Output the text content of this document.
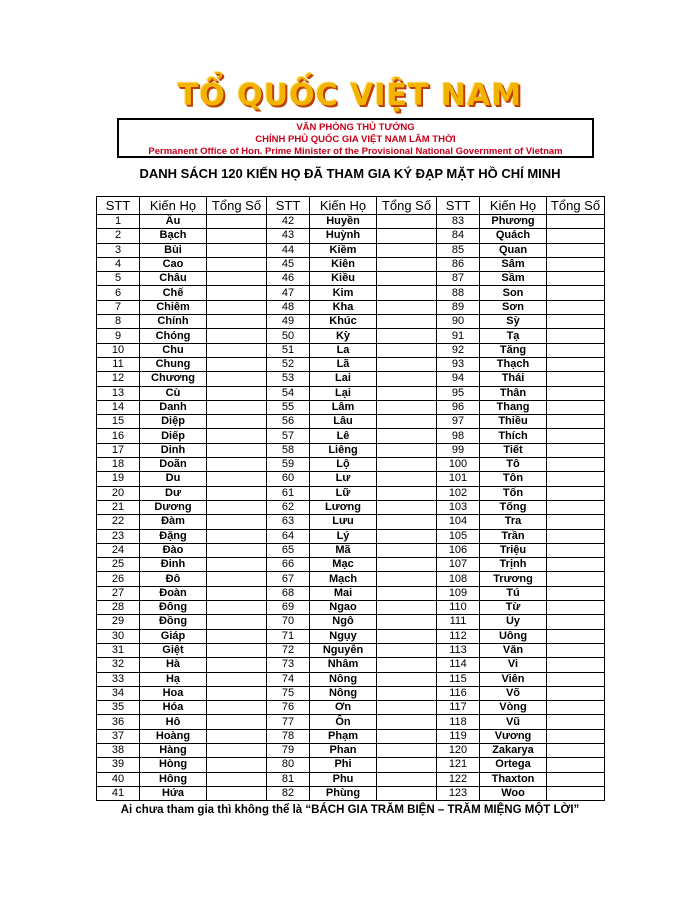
TỔ QUỐC VIỆT NAM
VĂN PHÒNG THỦ TƯỚNG
CHÍNH PHỦ QUỐC GIA VIỆT NAM LÂM THỜI
Permanent Office of Hon. Prime Minister of the Provisional National Government of Vietnam
DANH SÁCH 120 KIẾN HỌ ĐÃ THAM GIA KÝ ĐẠP MẶT HỒ CHÍ MINH
STT	Kiến Họ	Tổng Số	STT	Kiến Họ	Tổng Số	STT	Kiến Họ	Tổng Số
1	Âu		42	Huyền		83	Phương	
2	Bạch		43	Huỳnh		84	Quách	
3	Bùi		44	Kiềm		85	Quan	
4	Cao		45	Kiên		86	Sâm	
5	Châu		46	Kiều		87	Sầm	
6	Chế		47	Kim		88	Son	
7	Chiêm		48	Kha		89	Sơn	
8	Chính		49	Khúc		90	Sỳ	
9	Chóng		50	Kỳ		91	Tạ	
10	Chu		51	La		92	Tăng	
11	Chung		52	Lã		93	Thạch	
12	Chương		53	Lai		94	Thái	
13	Cù		54	Lại		95	Thân	
14	Danh		55	Lâm		96	Thang	
15	Diệp		56	Lâu		97	Thiều	
16	Diếp		57	Lê		98	Thích	
17	Dinh		58	Liêng		99	Tiết	
18	Doãn		59	Lộ		100	Tô	
19	Du		60	Lư		101	Tôn	
20	Dư		61	Lữ		102	Tốn	
21	Dương		62	Lương		103	Tống	
22	Đàm		63	Lưu		104	Tra	
23	Đặng		64	Lý		105	Trần	
24	Đào		65	Mã		106	Triệu	
25	Đinh		66	Mạc		107	Trịnh	
26	Đô		67	Mạch		108	Trương	
27	Đoàn		68	Mai		109	Tú	
28	Đông		69	Ngao		110	Từ	
29	Đồng		70	Ngô		111	Ủy	
30	Giáp		71	Ngụy		112	Uông	
31	Giệt		72	Nguyễn		113	Văn	
32	Hà		73	Nhâm		114	Vi	
33	Hạ		74	Nông		115	Viên	
34	Hoa		75	Nông		116	Võ	
35	Hóa		76	Ơn		117	Vòng	
36	Hô		77	Ôn		118	Vũ	
37	Hoàng		78	Phạm		119	Vương	
38	Hàng		79	Phan		120	Zakarya	
39	Hòng		80	Phi		121	Ortega	
40	Hông		81	Phu		122	Thaxton	
41	Hứa		82	Phùng		123	Woo	
Ai chưa tham gia thì không thể là “BÁCH GIA TRĂM BIỆN – TRĂM MIỆNG MỘT LỜI”
